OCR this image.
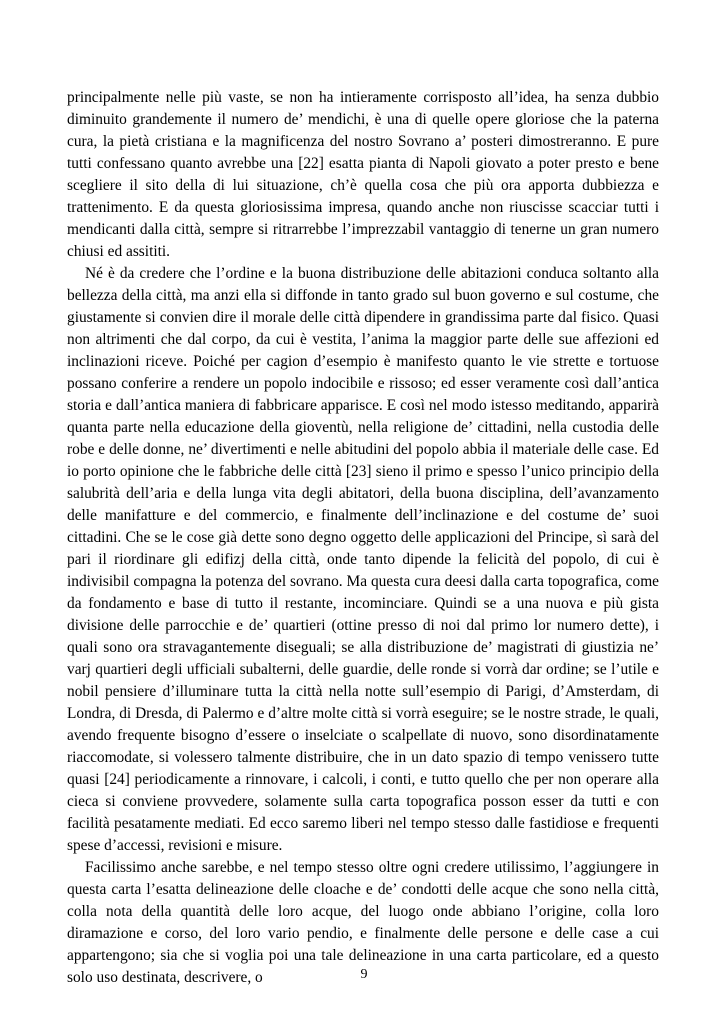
principalmente nelle più vaste, se non ha intieramente corrisposto all’idea, ha senza dubbio diminuito grandemente il numero de’ mendichi, è una di quelle opere gloriose che la paterna cura, la pietà cristiana e la magnificenza del nostro Sovrano a’ posteri dimostreranno. E pure tutti confessano quanto avrebbe una [22] esatta pianta di Napoli giovato a poter presto e bene scegliere il sito della di lui situazione, ch’è quella cosa che più ora apporta dubbiezza e trattenimento. E da questa gloriosissima impresa, quando anche non riuscisse scacciar tutti i mendicanti dalla città, sempre si ritrarrebbe l’imprezzabil vantaggio di tenerne un gran numero chiusi ed assititi.

Né è da credere che l’ordine e la buona distribuzione delle abitazioni conduca soltanto alla bellezza della città, ma anzi ella si diffonde in tanto grado sul buon governo e sul costume, che giustamente si convien dire il morale delle città dipendere in grandissima parte dal fisico. Quasi non altrimenti che dal corpo, da cui è vestita, l’anima la maggior parte delle sue affezioni ed inclinazioni riceve. Poiché per cagion d’esempio è manifesto quanto le vie strette e tortuose possano conferire a rendere un popolo indocibile e rissoso; ed esser veramente così dall’antica storia e dall’antica maniera di fabbricare apparisce. E così nel modo istesso meditando, apparirà quanta parte nella educazione della gioventù, nella religione de’ cittadini, nella custodia delle robe e delle donne, ne’ divertimenti e nelle abitudini del popolo abbia il materiale delle case. Ed io porto opinione che le fabbriche delle città [23] sieno il primo e spesso l’unico principio della salubrità dell’aria e della lunga vita degli abitatori, della buona disciplina, dell’avanzamento delle manifatture e del commercio, e finalmente dell’inclinazione e del costume de’ suoi cittadini. Che se le cose già dette sono degno oggetto delle applicazioni del Principe, sì sarà del pari il riordinare gli edifizj della città, onde tanto dipende la felicità del popolo, di cui è indivisibil compagna la potenza del sovrano. Ma questa cura deesi dalla carta topografica, come da fondamento e base di tutto il restante, incominciare. Quindi se a una nuova e più gista divisione delle parrocchie e de’ quartieri (ottine presso di noi dal primo lor numero dette), i quali sono ora stravagantemente diseguali; se alla distribuzione de’ magistrati di giustizia ne’ varj quartieri degli ufficiali subalterni, delle guardie, delle ronde si vorrà dar ordine; se l’utile e nobil pensiere d’illuminare tutta la città nella notte sull’esempio di Parigi, d’Amsterdam, di Londra, di Dresda, di Palermo e d’altre molte città si vorrà eseguire; se le nostre strade, le quali, avendo frequente bisogno d’essere o inselciate o scalpellate di nuovo, sono disordinatamente riaccomodate, si volessero talmente distribuire, che in un dato spazio di tempo venissero tutte quasi [24] periodicamente a rinnovare, i calcoli, i conti, e tutto quello che per non operare alla cieca si conviene provvedere, solamente sulla carta topografica posson esser da tutti e con facilità pesatamente mediati. Ed ecco saremo liberi nel tempo stesso dalle fastidiose e frequenti spese d’accessi, revisioni e misure.

Facilissimo anche sarebbe, e nel tempo stesso oltre ogni credere utilissimo, l’aggiungere in questa carta l’esatta delineazione delle cloache e de’ condotti delle acque che sono nella città, colla nota della quantità delle loro acque, del luogo onde abbiano l’origine, colla loro diramazione e corso, del loro vario pendio, e finalmente delle persone e delle case a cui appartengono; sia che si voglia poi una tale delineazione in una carta particolare, ed a questo solo uso destinata, descrivere, o	9
